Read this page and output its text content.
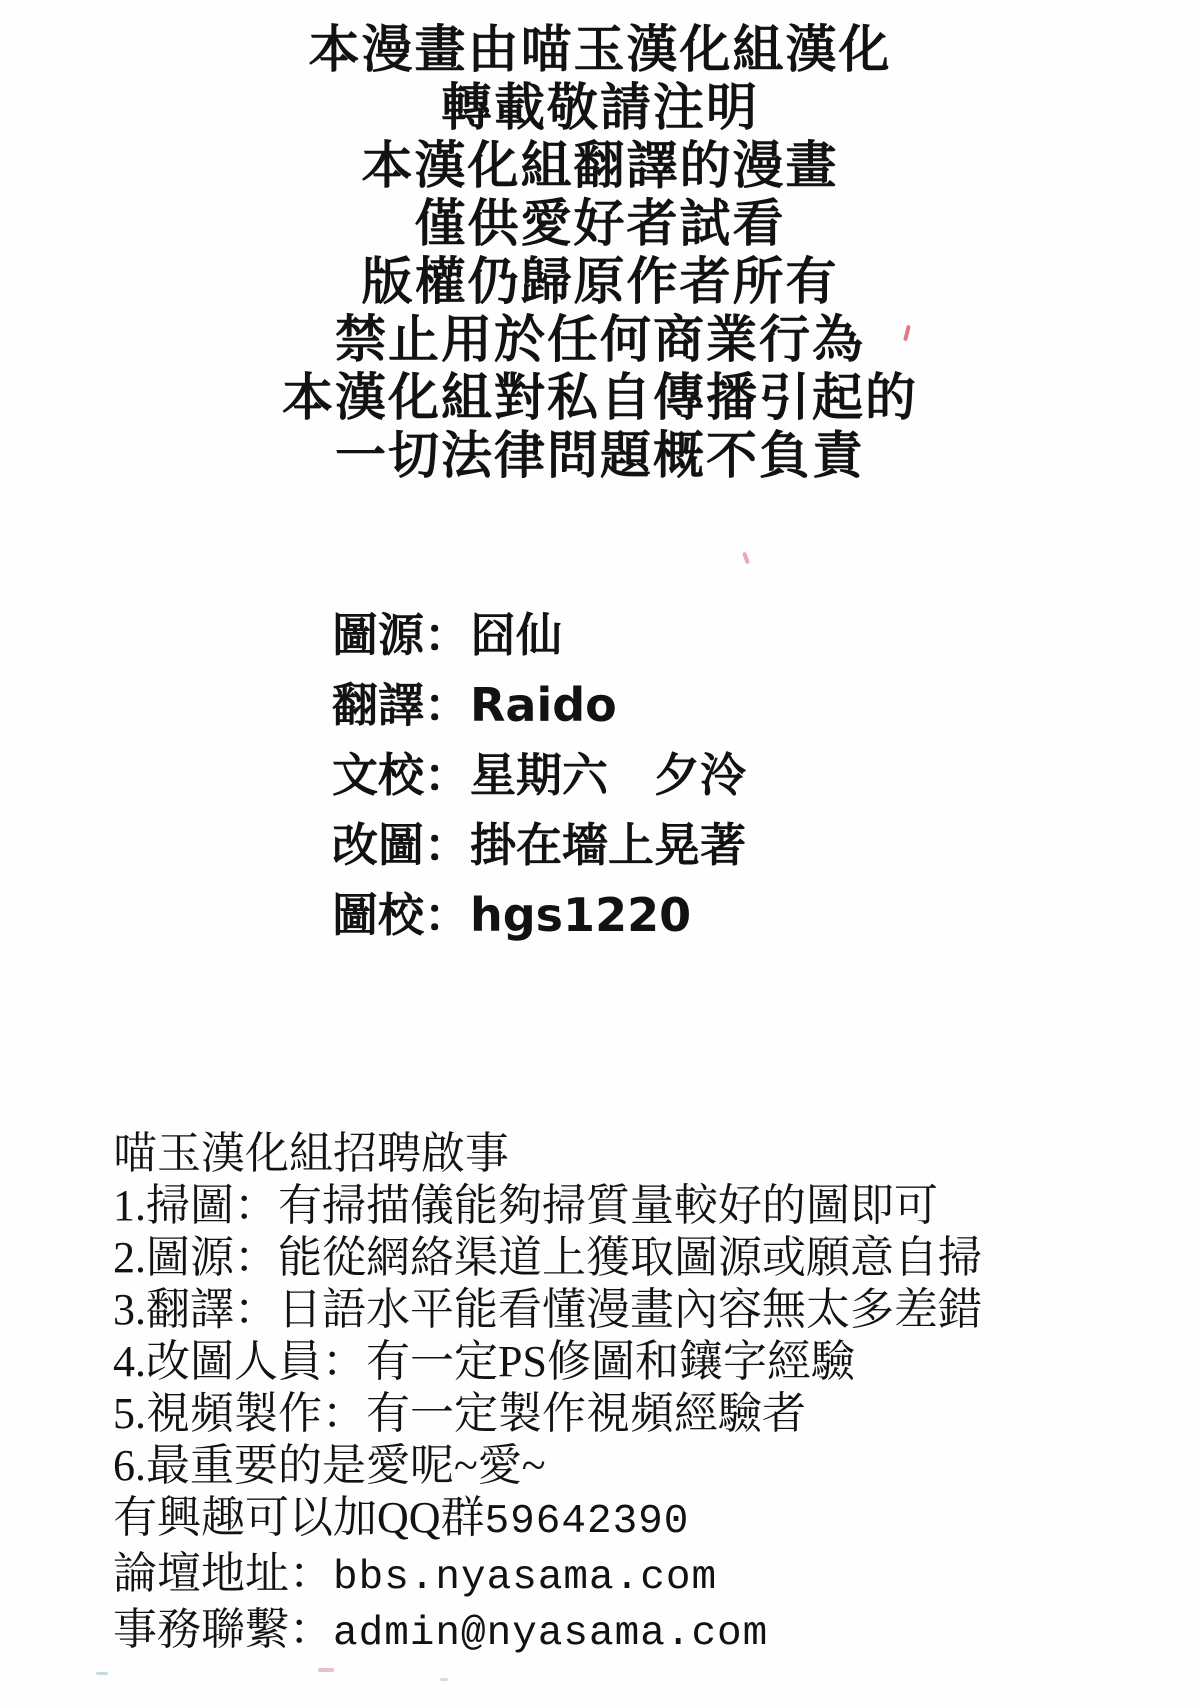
本漫畫由喵玉漢化組漢化
轉載敬請注明
本漢化組翻譯的漫畫
僅供愛好者試看
版權仍歸原作者所有
禁止用於任何商業行為
本漢化組對私自傳播引起的
一切法律問題概不負責
圖源：囧仙
翻譯：Raido
文校：星期六　夕泠
改圖：掛在墻上晃著
圖校：hgs1220
喵玉漢化組招聘啟事
1.掃圖：有掃描儀能夠掃質量較好的圖即可
2.圖源：能從網絡渠道上獲取圖源或願意自掃
3.翻譯：日語水平能看懂漫畫內容無太多差錯
4.改圖人員：有一定PS修圖和鑲字經驗
5.視頻製作：有一定製作視頻經驗者
6.最重要的是愛呢~愛~
有興趣可以加QQ群59642390
論壇地址：bbs.nyasama.com
事務聯繫：admin@nyasama.com
